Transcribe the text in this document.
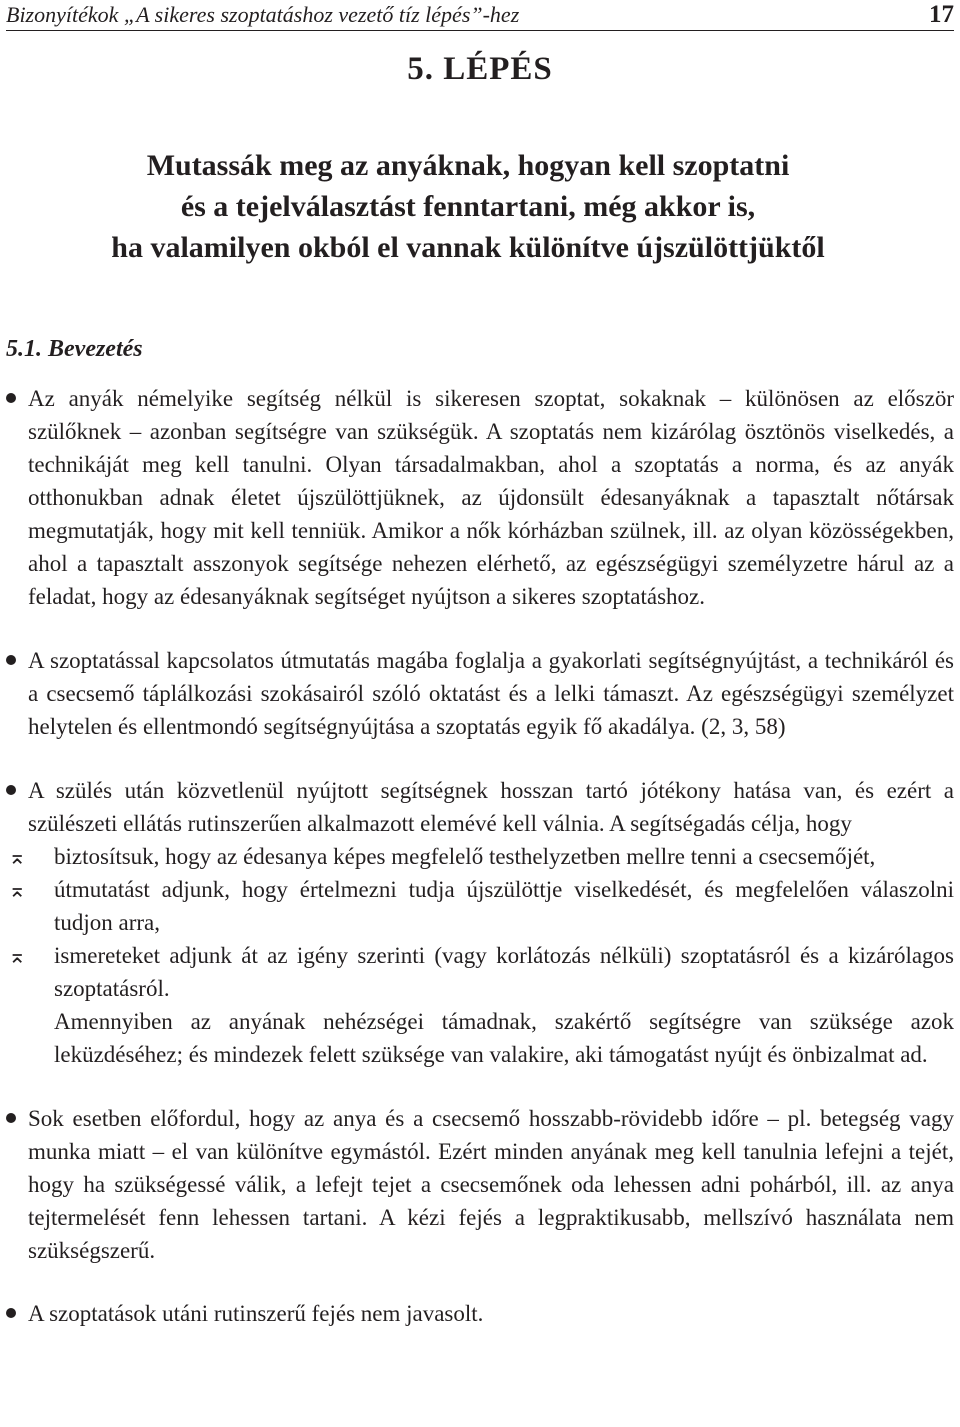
Bizonyítékok „A sikeres szoptatáshoz vezető tíz lépés”-hez	17
5. LÉPÉS
Mutassák meg az anyáknak, hogyan kell szoptatni
és a tejelválasztást fenntartani, még akkor is,
ha valamilyen okból el vannak különítve újszülöttjüktől
5.1. Bevezetés
Az anyák némelyike segítség nélkül is sikeresen szoptat, sokaknak – különösen az először szülőknek – azonban segítségre van szükségük. A szoptatás nem kizárólag ösztönös viselkedés, a technikáját meg kell tanulni. Olyan társadalmakban, ahol a szoptatás a norma, és az anyák otthonukban adnak életet újszülöttjüknek, az újdonsült édesanyáknak a tapasztalt nőtársak megmutatják, hogy mit kell tenniük. Amikor a nők kórházban szülnek, ill. az olyan közösségekben, ahol a tapasztalt asszonyok segítsége nehezen elérhető, az egészségügyi személyzetre hárul az a feladat, hogy az édesanyáknak segítséget nyújtson a sikeres szoptatáshoz.
A szoptatással kapcsolatos útmutatás magába foglalja a gyakorlati segítségnyújtást, a technikáról és a csecsemő táplálkozási szokásairól szóló oktatást és a lelki támaszt. Az egészségügyi személyzet helytelen és ellentmondó segítségnyújtása a szoptatás egyik fő akadálya. (2, 3, 58)
A szülés után közvetlenül nyújtott segítségnek hosszan tartó jótékony hatása van, és ezért a szülészeti ellátás rutinszerűen alkalmazott elemévé kell válnia. A segítségadás célja, hogy
⌅ biztosítsuk, hogy az édesanya képes megfelelő testhelyzetben mellre tenni a csecsemőjét,
⌅ útmutatást adjunk, hogy értelmezni tudja újszülöttje viselkedését, és megfelelően válaszolni tudjon arra,
⌅ ismereteket adjunk át az igény szerinti (vagy korlátozás nélküli) szoptatásról és a kizárólagos szoptatásról.
Amennyiben az anyának nehézségei támadnak, szakértő segítségre van szüksége azok leküzdéséhez; és mindezek felett szüksége van valakire, aki támogatást nyújt és önbizalmat ad.
Sok esetben előfordul, hogy az anya és a csecsemő hosszabb-rövidebb időre – pl. betegség vagy munka miatt – el van különítve egymástól. Ezért minden anyának meg kell tanulnia lefejni a tejét, hogy ha szükségessé válik, a lefejt tejet a csecsemőnek oda lehessen adni pohárból, ill. az anya tejtermelését fenn lehessen tartani. A kézi fejés a legpraktikusabb, mellszívó használata nem szükségszerű.
A szoptatások utáni rutinszerű fejés nem javasolt.
